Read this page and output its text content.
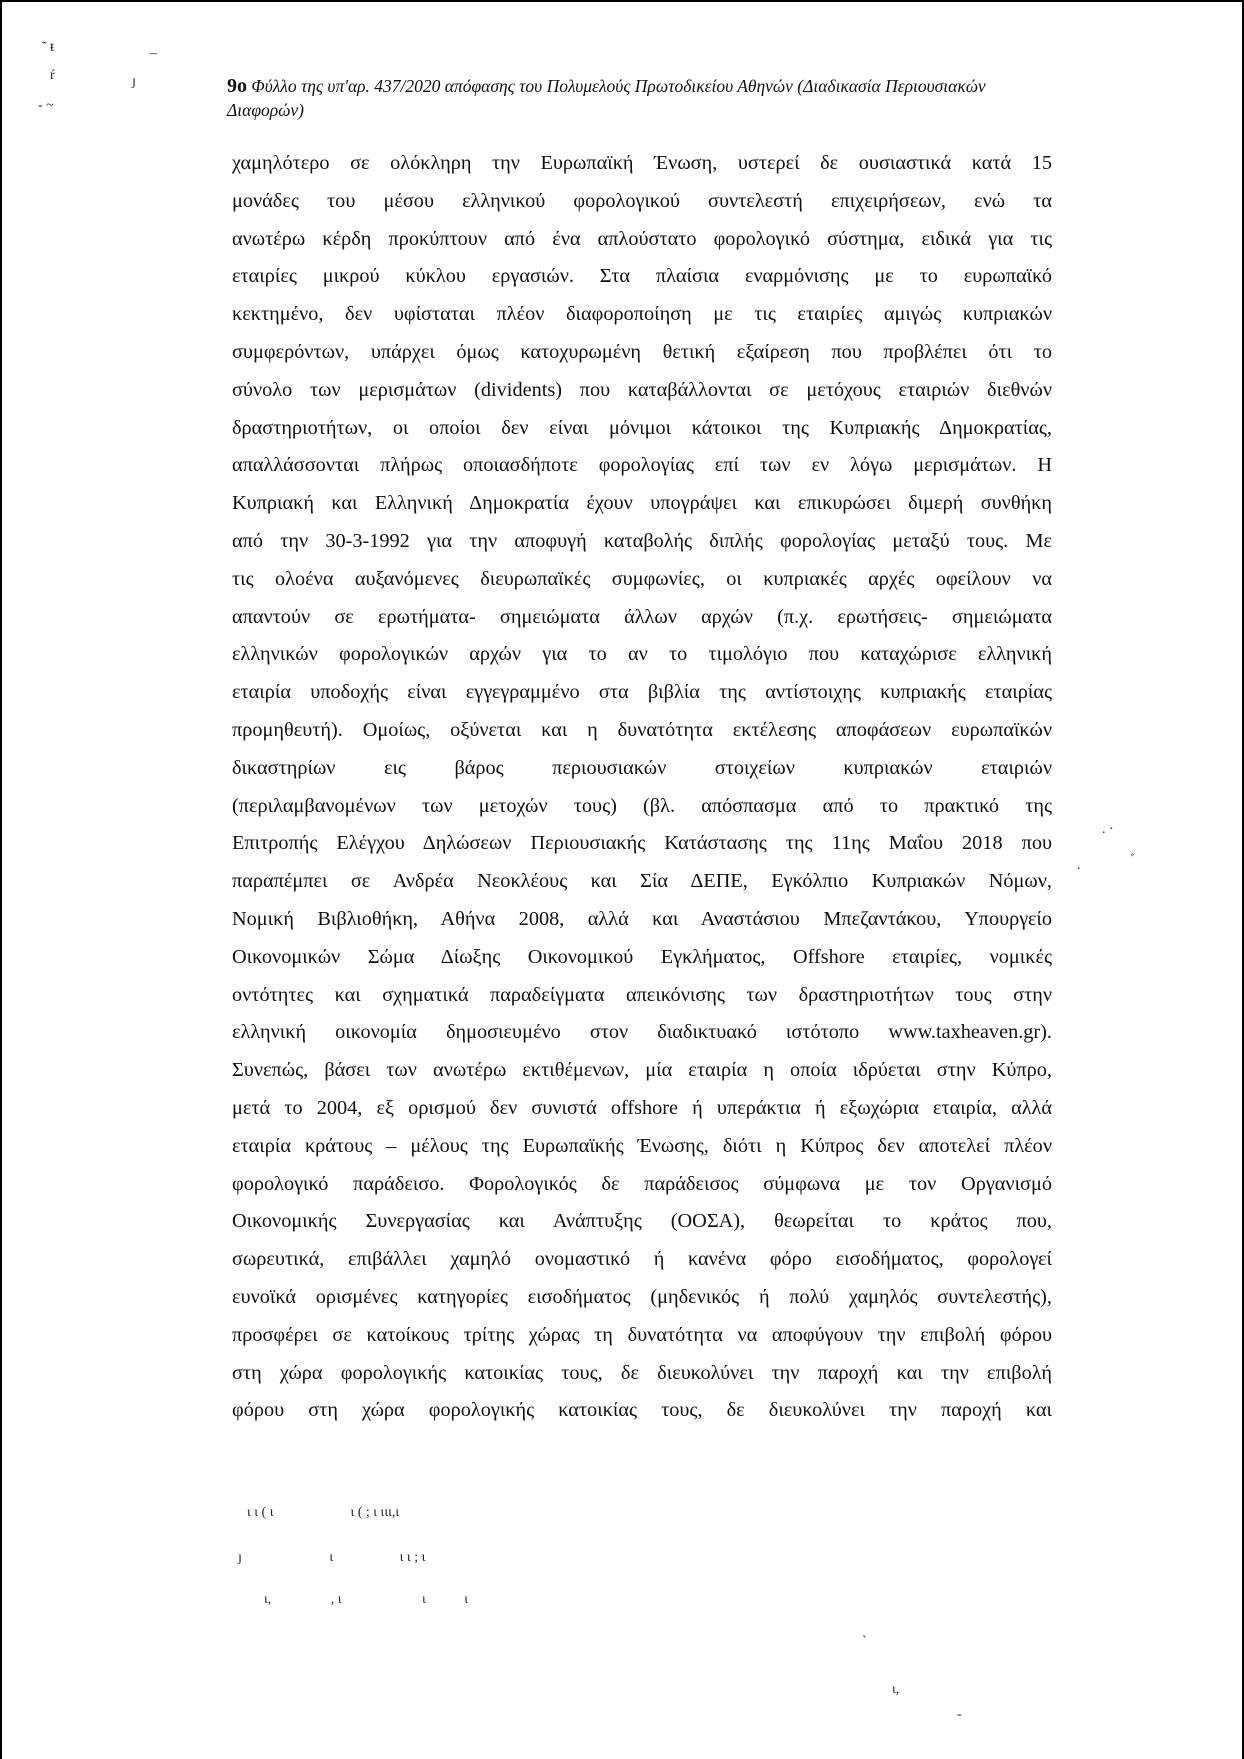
˜ ŧ
ŕ	ȷ
‑ ~
–
. ·
ﾞ
.
ι ι ( ι                      ι ( ; ι ιιι,ι
ȷ                         ι                   ι ι ; ι
ι,                 , ι                       ι           ι
`
ι,
-
9ο Φύλλο της υπ'αρ. 437/2020 απόφασης του Πολυμελούς Πρωτοδικείου Αθηνών (Διαδικασία Περιουσιακών Διαφορών)
χαμηλότερο σε ολόκληρη την Ευρωπαϊκή Ένωση, υστερεί δε ουσιαστικά κατά 15
μονάδες του μέσου ελληνικού φορολογικού συντελεστή επιχειρήσεων, ενώ τα
ανωτέρω κέρδη προκύπτουν από ένα απλούστατο φορολογικό σύστημα, ειδικά για τις
εταιρίες μικρού κύκλου εργασιών. Στα πλαίσια εναρμόνισης με το ευρωπαϊκό
κεκτημένο, δεν υφίσταται πλέον διαφοροποίηση με τις εταιρίες αμιγώς κυπριακών
συμφερόντων, υπάρχει όμως κατοχυρωμένη θετική εξαίρεση που προβλέπει ότι το
σύνολο των μερισμάτων (dividents) που καταβάλλονται σε μετόχους εταιριών διεθνών
δραστηριοτήτων, οι οποίοι δεν είναι μόνιμοι κάτοικοι της Κυπριακής Δημοκρατίας,
απαλλάσσονται πλήρως οποιασδήποτε φορολογίας επί των εν λόγω μερισμάτων. Η
Κυπριακή και Ελληνική Δημοκρατία έχουν υπογράψει και επικυρώσει διμερή συνθήκη
από την 30-3-1992 για την αποφυγή καταβολής διπλής φορολογίας μεταξύ τους. Με
τις ολοένα αυξανόμενες διευρωπαϊκές συμφωνίες, οι κυπριακές αρχές οφείλουν να
απαντούν σε ερωτήματα- σημειώματα άλλων αρχών (π.χ. ερωτήσεις- σημειώματα
ελληνικών φορολογικών αρχών για το αν το τιμολόγιο που καταχώρισε ελληνική
εταιρία υποδοχής είναι εγγεγραμμένο στα βιβλία της αντίστοιχης κυπριακής εταιρίας
προμηθευτή). Ομοίως, οξύνεται και η δυνατότητα εκτέλεσης αποφάσεων ευρωπαϊκών
δικαστηρίων εις βάρος περιουσιακών στοιχείων κυπριακών εταιριών
(περιλαμβανομένων των μετοχών τους) (βλ. απόσπασμα από το πρακτικό της
Επιτροπής Ελέγχου Δηλώσεων Περιουσιακής Κατάστασης της 11ης Μαΐου 2018 που
παραπέμπει σε Ανδρέα Νεοκλέους και Σία ΔΕΠΕ, Εγκόλπιο Κυπριακών Νόμων,
Νομική Βιβλιοθήκη, Αθήνα 2008, αλλά και Αναστάσιου Μπεζαντάκου, Υπουργείο
Οικονομικών Σώμα Δίωξης Οικονομικού Εγκλήματος, Offshore εταιρίες, νομικές
οντότητες και σχηματικά παραδείγματα απεικόνισης των δραστηριοτήτων τους στην
ελληνική οικονομία δημοσιευμένο στον διαδικτυακό ιστότοπο www.taxheaven.gr).
Συνεπώς, βάσει των ανωτέρω εκτιθέμενων, μία εταιρία η οποία ιδρύεται στην Κύπρο,
μετά το 2004, εξ ορισμού δεν συνιστά offshore ή υπεράκτια ή εξωχώρια εταιρία, αλλά
εταιρία κράτους – μέλους της Ευρωπαϊκής Ένωσης, διότι η Κύπρος δεν αποτελεί πλέον
φορολογικό παράδεισο. Φορολογικός δε παράδεισος σύμφωνα με τον Οργανισμό
Οικονομικής Συνεργασίας και Ανάπτυξης (ΟΟΣΑ), θεωρείται το κράτος που,
σωρευτικά, επιβάλλει χαμηλό ονομαστικό ή κανένα φόρο εισοδήματος, φορολογεί
ευνοϊκά ορισμένες κατηγορίες εισοδήματος (μηδενικός ή πολύ χαμηλός συντελεστής),
προσφέρει σε κατοίκους τρίτης χώρας τη δυνατότητα να αποφύγουν την επιβολή φόρου
στη χώρα φορολογικής κατοικίας τους, δε διευκολύνει την παροχή και την επιβολή
φόρου στη χώρα φορολογικής κατοικίας τους, δε διευκολύνει την παροχή και
